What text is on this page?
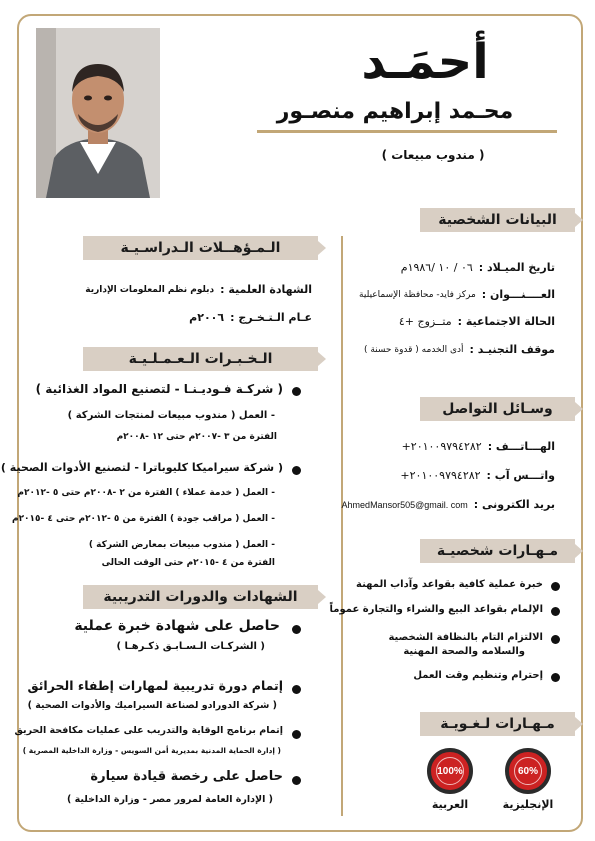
أحمَـد
محـمد إبراهيم منصـور
( مندوب مبيعات )
البيانات الشخصية
تاريخ الميـلاد :
٠٦ / ١٠ /١٩٨٦م
العــــنـــوان :
مركز فايد- محافظة الإسماعيلية
الحالة الاجتماعية :
متــزوج +٤
موقف التجنيـد :
أدى الخدمه ( قدوة حسنة )
وسـائل التواصل
الهـــاتـــف :
+٢٠١٠٠٩٧٩٤٢٨٢
واتـــس آب :
+٢٠١٠٠٩٧٩٤٢٨٢
بريد الكترونى :
AhmedMansor505@gmail. com
مـهـارات شخصيـة
خبرة عملية كافية بقواعد وآداب المهنة
الإلمام بقواعد البيع والشراء والتجارة عموماً
الالتزام التام بالنظافة الشخصية
والسلامه والصحة المهنية
إحترام وتنظيم وقت العمل
مـهـارات لـغـويـة
60%
الإنجليزية
100%
العربية
الـمـؤهــلات الـدراسـيـة
الشهادة العلمية :
دبلوم نظم المعلومات الإدارية
عـام الـتـخـرج :
٢٠٠٦م
الـخـبـرات الـعـمـلـيـة
( شركـة فـوديـنـا - لتصنيع المواد الغذائية )
- العمل ( مندوب مبيعات لمنتجات الشركة )
الفترة من ٣ -٢٠٠٧م حتى ١٢ -٢٠٠٨م
( شركة سيراميكا كليوباترا - لتصنيع الأدوات الصحية )
- العمل ( خدمة عملاء ) الفترة من ٢ -٢٠٠٨م حتى ٥ -٢٠١٢م
- العمل ( مراقب جودة ) الفترة من ٥ -٢٠١٢م حتى ٤ -٢٠١٥م
- العمل ( مندوب مبيعات بمعارض الشركة )
الفترة من ٤ -٢٠١٥م حتى الوقت الحالى
الشهادات والدورات التدريبية
حاصل على شهادة خبرة عملية
( الشركـات الـسـابـق ذكـرهـا )
إتمام دورة تدريبية لمهارات إطفاء الحرائق
( شركة الدورادو لصناعة السيراميك والأدوات الصحية )
إتمام برنامج الوقاية والتدريب على عمليات مكافحة الحريق
( إدارة الحماية المدنية بمديرية أمن السويس - وزارة الداخلية المصرية )
حاصل على رخصة قيادة سيارة
( الإدارة العامة لمرور مصر - وزارة الداخلية )
